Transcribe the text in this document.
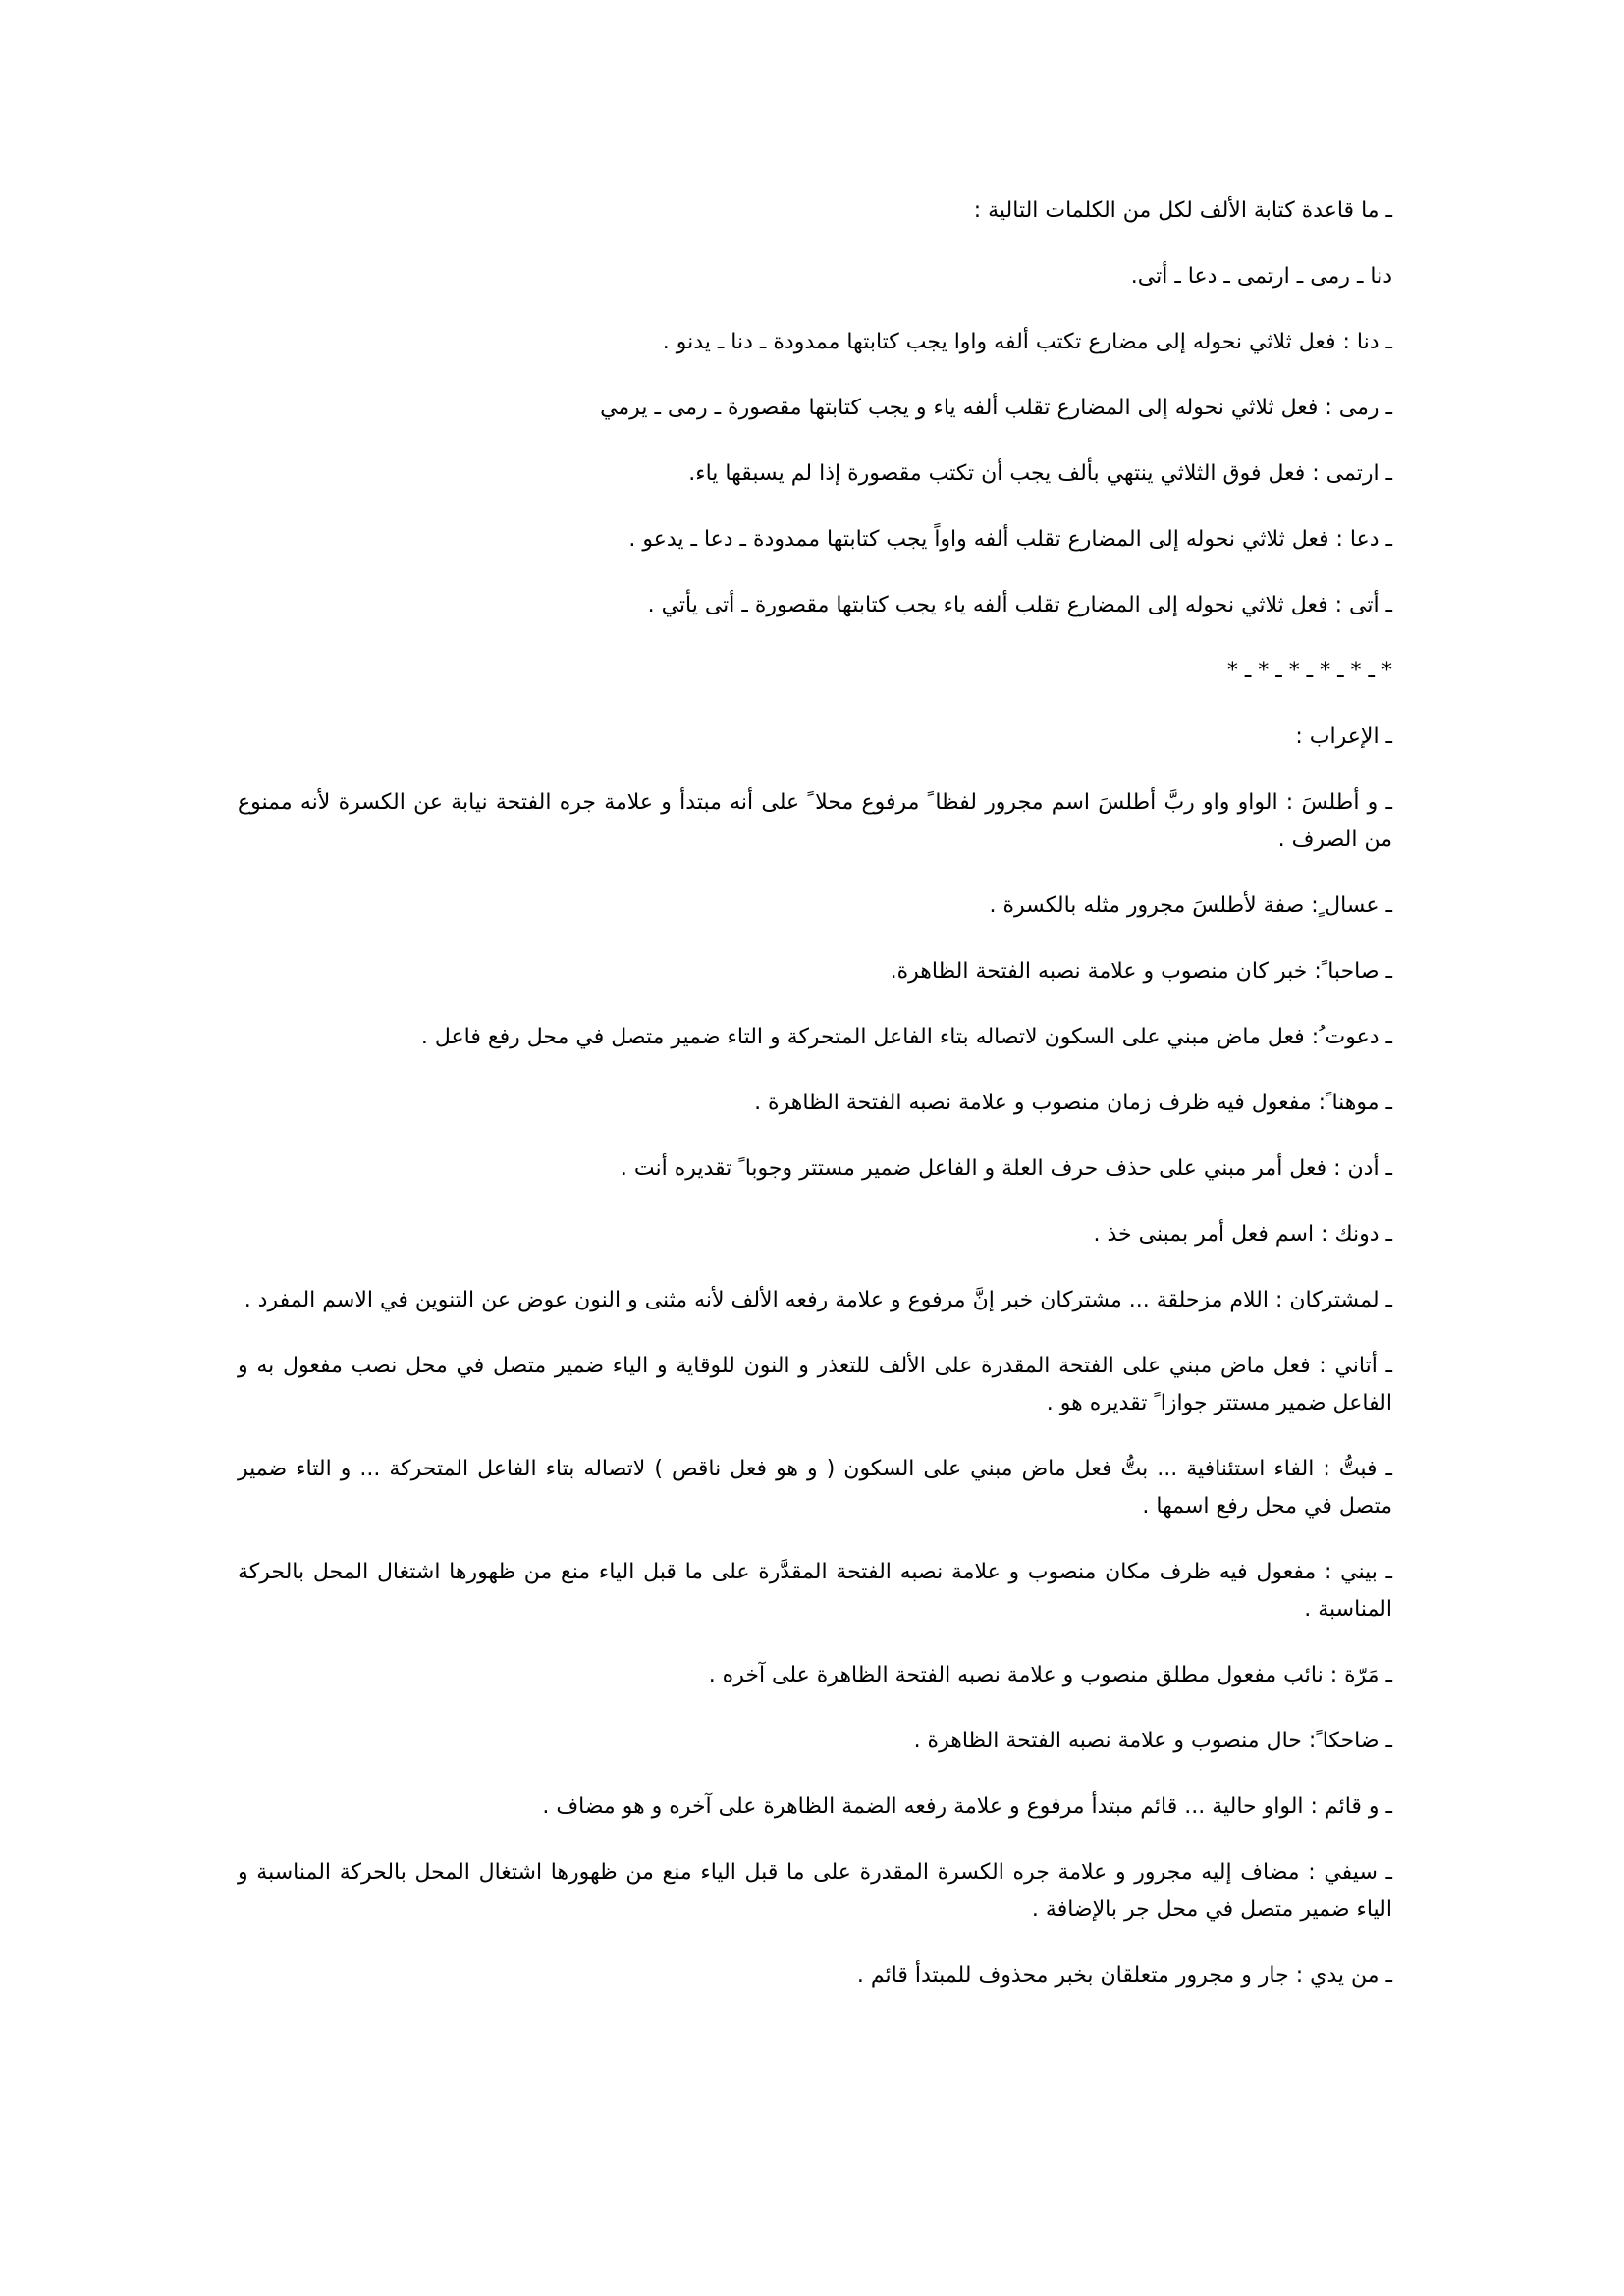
ـ ما قاعدة كتابة الألف لكل من الكلمات التالية :

دنا ـ رمى ـ ارتمى ـ دعا ـ أتى.

ـ دنا : فعل ثلاثي نحوله إلى مضارع تكتب ألفه واوا يجب كتابتها ممدودة ـ دنا ـ يدنو .

ـ رمى : فعل ثلاثي نحوله إلى المضارع تقلب ألفه ياء و يجب كتابتها مقصورة ـ رمى ـ يرمي

ـ ارتمى : فعل فوق الثلاثي ينتهي بألف يجب أن تكتب مقصورة إذا لم يسبقها ياء.

ـ دعا : فعل ثلاثي نحوله إلى المضارع تقلب ألفه واواً يجب كتابتها ممدودة ـ دعا ـ يدعو .

ـ أتى : فعل ثلاثي نحوله إلى المضارع تقلب ألفه ياء يجب كتابتها مقصورة ـ أتى يأتي .

* ـ * ـ * ـ * ـ * ـ *

ـ الإعراب :

ـ و أطلسَ : الواو واو ربَّ أطلسَ اسم مجرور لفظا ً مرفوع محلا ً على أنه مبتدأ و علامة جره الفتحة نيابة عن الكسرة لأنه ممنوع من الصرف .

ـ عسال ٍ: صفة لأطلسَ مجرور مثله بالكسرة .

ـ صاحبا ً: خبر كان منصوب و علامة نصبه الفتحة الظاهرة.

ـ دعوت ُ: فعل ماض مبني على السكون لاتصاله بتاء الفاعل المتحركة و التاء ضمير متصل في محل رفع فاعل .

ـ موهنا ً: مفعول فيه ظرف زمان منصوب و علامة نصبه الفتحة الظاهرة .

ـ أدن : فعل أمر مبني على حذف حرف العلة و الفاعل ضمير مستتر وجوبا ً تقديره أنت .

ـ دونك : اسم فعل أمر بمبنى خذ .

ـ لمشتركان : اللام مزحلقة ... مشتركان خبر إنَّ مرفوع و علامة رفعه الألف لأنه مثنى و النون عوض عن التنوين في الاسم المفرد .

ـ أتاني : فعل ماض مبني على الفتحة المقدرة على الألف للتعذر و النون للوقاية و الياء ضمير متصل في محل نصب مفعول به و الفاعل ضمير مستتر جوازا ً تقديره هو .

ـ فبتُّ : الفاء استئنافية ... بتُّ فعل ماض مبني على السكون ( و هو فعل ناقص ) لاتصاله بتاء الفاعل المتحركة ... و التاء ضمير متصل في محل رفع اسمها .

ـ بيني : مفعول فيه ظرف مكان منصوب و علامة نصبه الفتحة المقدَّرة على ما قبل الياء منع من ظهورها اشتغال المحل بالحركة المناسبة .

ـ مَرّة : نائب مفعول مطلق منصوب و علامة نصبه الفتحة الظاهرة على آخره .

ـ ضاحكا ً: حال منصوب و علامة نصبه الفتحة الظاهرة .

ـ و قائم : الواو حالية ... قائم مبتدأ مرفوع و علامة رفعه الضمة الظاهرة على آخره و هو مضاف .

ـ سيفي : مضاف إليه مجرور و علامة جره الكسرة المقدرة على ما قبل الياء منع من ظهورها اشتغال المحل بالحركة المناسبة و الياء ضمير متصل في محل جر بالإضافة .

ـ من يدي : جار و مجرور متعلقان بخبر محذوف للمبتدأ قائم .
